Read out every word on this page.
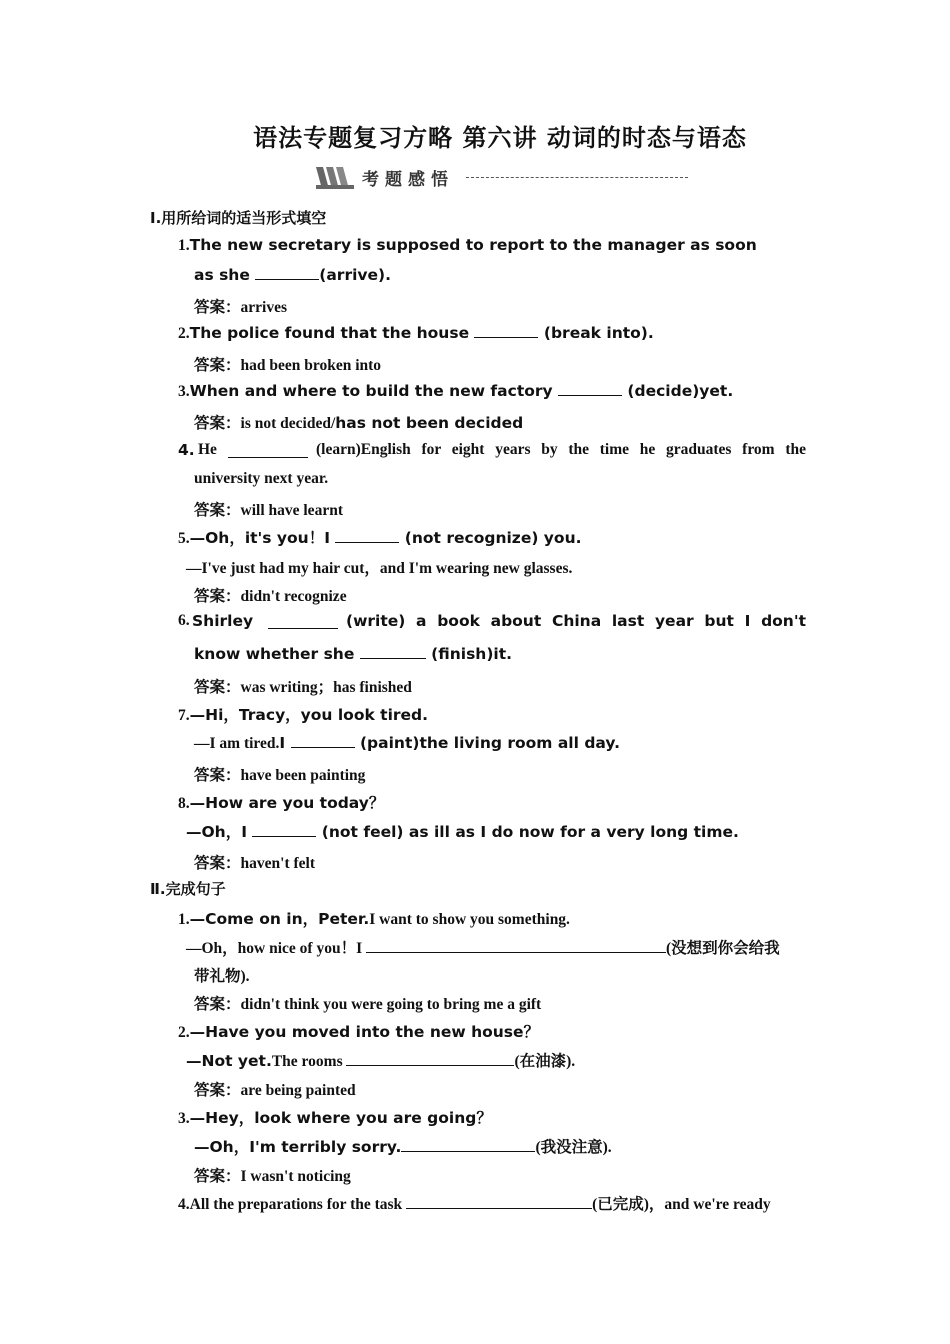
语法专题复习方略 第六讲 动词的时态与语态
考题感悟
Ⅰ.用所给词的适当形式填空
1.The new secretary is supposed to report to the manager as soon
as she	(arrive).
答案：arrives
2.The police found that the house	(break into).
答案：had been broken into
3.When and where to build the new factory	(decide)yet.
答案：is not decided/has not been decided
4. He	(learn)English for eight years by the time he graduates from the
university next year.
答案：will have learnt
5.—Oh，it's you！I	(not recognize) you.
—I've just had my hair cut，and I'm wearing new glasses.
答案：didn't recognize
6. Shirley	(write) a book about China last year but I don't
know whether she	(finish)it.
答案：was writing；has finished
7.—Hi，Tracy，you look tired.
—I am tired.I	(paint)the living room all day.
答案：have been painting
8.—How are you today？
—Oh，I	(not feel) as ill as I do now for a very long time.
答案：haven't felt
Ⅱ.完成句子
1.—Come on in，Peter.I want to show you something.
—Oh，how nice of you！I	(没想到你会给我
带礼物).
答案：didn't think you were going to bring me a gift
2.—Have you moved into the new house？
—Not yet.The rooms	(在油漆).
答案：are being painted
3.—Hey，look where you are going？
—Oh，I'm terribly sorry.	(我没注意).
答案：I wasn't noticing
4.All the preparations for the task	(已完成)，and we're ready
